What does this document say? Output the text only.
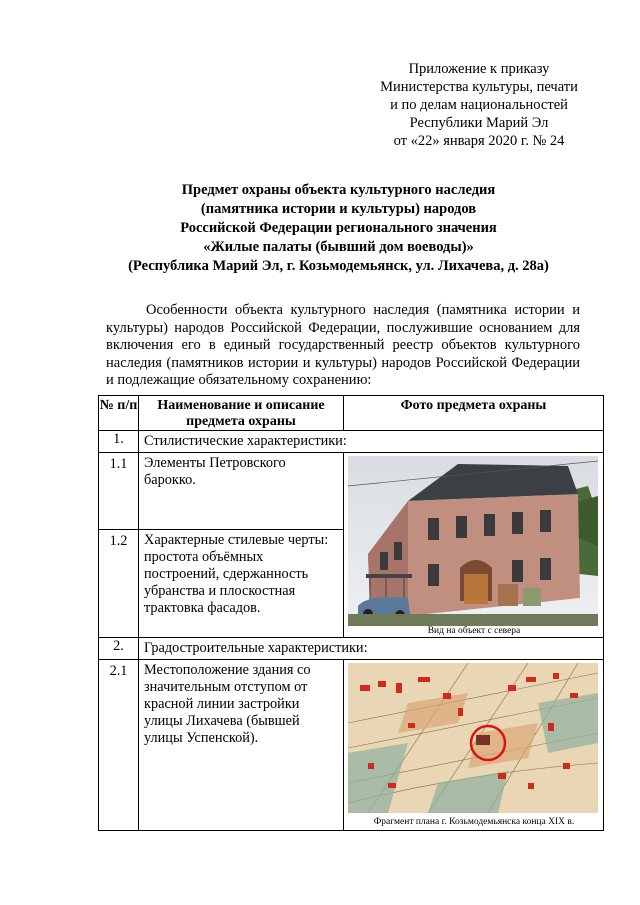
Приложение к приказу
Министерства культуры, печати
и по делам национальностей
Республики Марий Эл
от «22» января 2020 г. № 24
Предмет охраны объекта культурного наследия
(памятника истории и культуры) народов
Российской Федерации регионального значения
«Жилые палаты (бывший дом воеводы)»
(Республика Марий Эл, г. Козьмодемьянск, ул. Лихачева, д. 28а)

Особенности объекта культурного наследия (памятника истории и культуры) народов Российской Федерации, послужившие основанием для включения его в единый государственный реестр объектов культурного наследия (памятников истории и культуры) народов Российской Федерации и подлежащие обязательному сохранению:

№ п/п	Наименование и описание предмета охраны	Фото предмета охраны
1.	Стилистические характеристики:	
1.1	Элементы Петровского барокко.	Вид на объект с севера

1.2	Характерные стилевые черты:
простота объёмных построений, сдержанность убранства и плоскостная трактовка фасадов.	

2.	Градостроительные характеристики:	
2.1	Местоположение здания со значительным отступом от красной линии застройки улицы Лихачева (бывшей улицы Успенской).	Фрагмент плана г. Козьмодемьянска конца XIX в.
